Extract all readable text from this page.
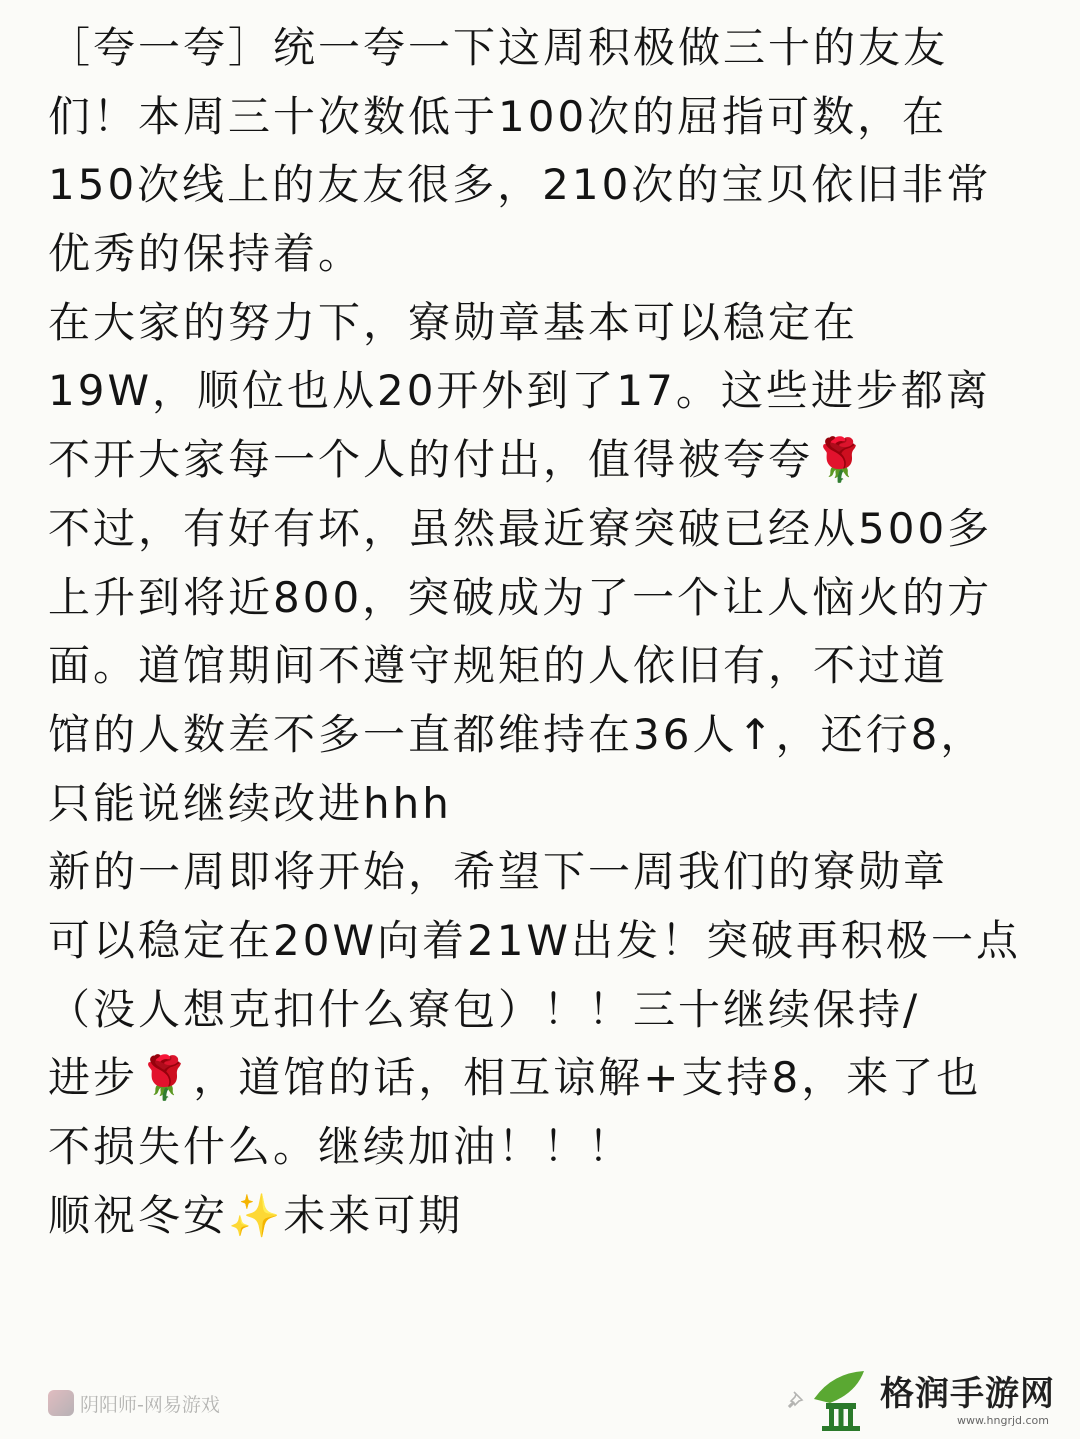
［夸一夸］统一夸一下这周积极做三十的友友
们！本周三十次数低于100次的屈指可数，在
150次线上的友友很多，210次的宝贝依旧非常
优秀的保持着。
在大家的努力下，寮勋章基本可以稳定在
19W，顺位也从20开外到了17。这些进步都离
不开大家每一个人的付出，值得被夸夸🌹
不过，有好有坏，虽然最近寮突破已经从500多
上升到将近800，突破成为了一个让人恼火的方
面。道馆期间不遵守规矩的人依旧有，不过道
馆的人数差不多一直都维持在36人↑，还行8，
只能说继续改进hhh
新的一周即将开始，希望下一周我们的寮勋章
可以稳定在20W向着21W出发！突破再积极一点
（没人想克扣什么寮包）！！三十继续保持/
进步🌹，道馆的话，相互谅解+支持8，来了也
不损失什么。继续加油！！！
顺祝冬安✨未来可期
阴阳师-网易游戏	格润手游网
www.hngrjd.com
